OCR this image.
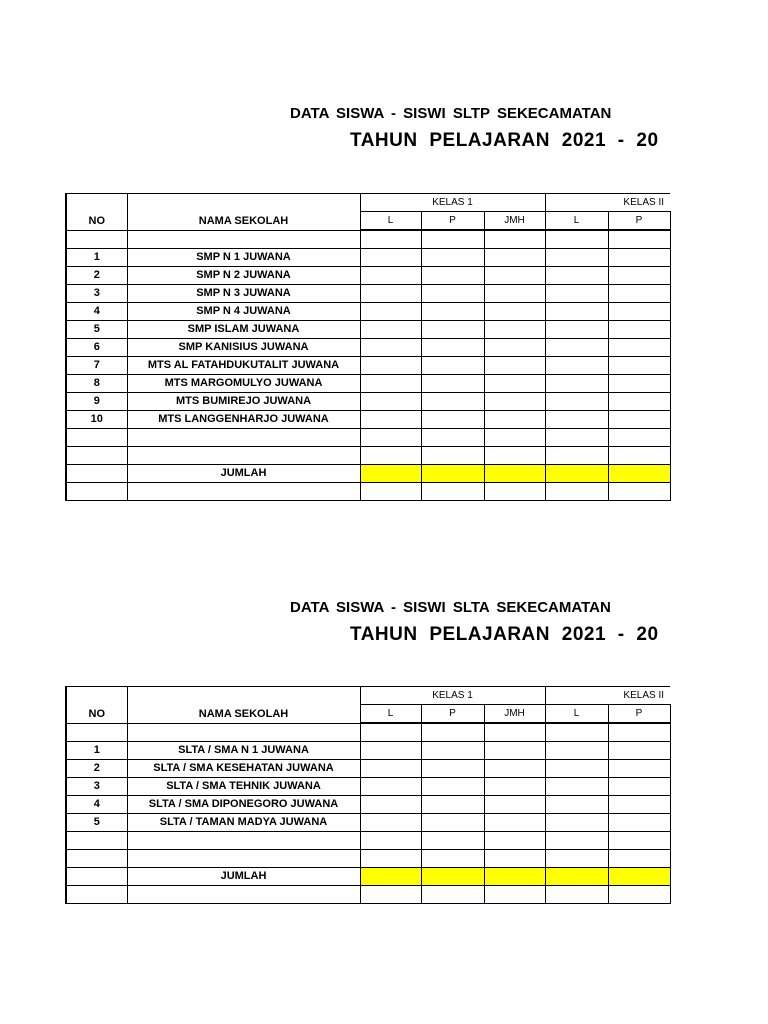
DATA SISWA - SISWI SLTP SEKECAMATAN
TAHUN PELAJARAN 2021 - 20
NO	NAMA SEKOLAH	KELAS 1			KELAS II	
		L	P	JMH	L	P

1	SMP N 1 JUWANA					
2	SMP N 2 JUWANA					
3	SMP N 3 JUWANA					
4	SMP N 4 JUWANA					
5	SMP ISLAM JUWANA					
6	SMP KANISIUS JUWANA					
7	MTS AL FATAHDUKUTALIT JUWANA					
8	MTS MARGOMULYO JUWANA					
9	MTS BUMIREJO JUWANA					
10	MTS LANGGENHARJO JUWANA					

	JUMLAH					

DATA SISWA - SISWI SLTA SEKECAMATAN
TAHUN PELAJARAN 2021 - 20
NO	NAMA SEKOLAH	KELAS 1			KELAS II	
		L	P	JMH	L	P

1	SLTA / SMA N 1 JUWANA					
2	SLTA / SMA KESEHATAN JUWANA					
3	SLTA / SMA TEHNIK JUWANA					
4	SLTA / SMA DIPONEGORO JUWANA					
5	SLTA / TAMAN MADYA JUWANA					

	JUMLAH					
